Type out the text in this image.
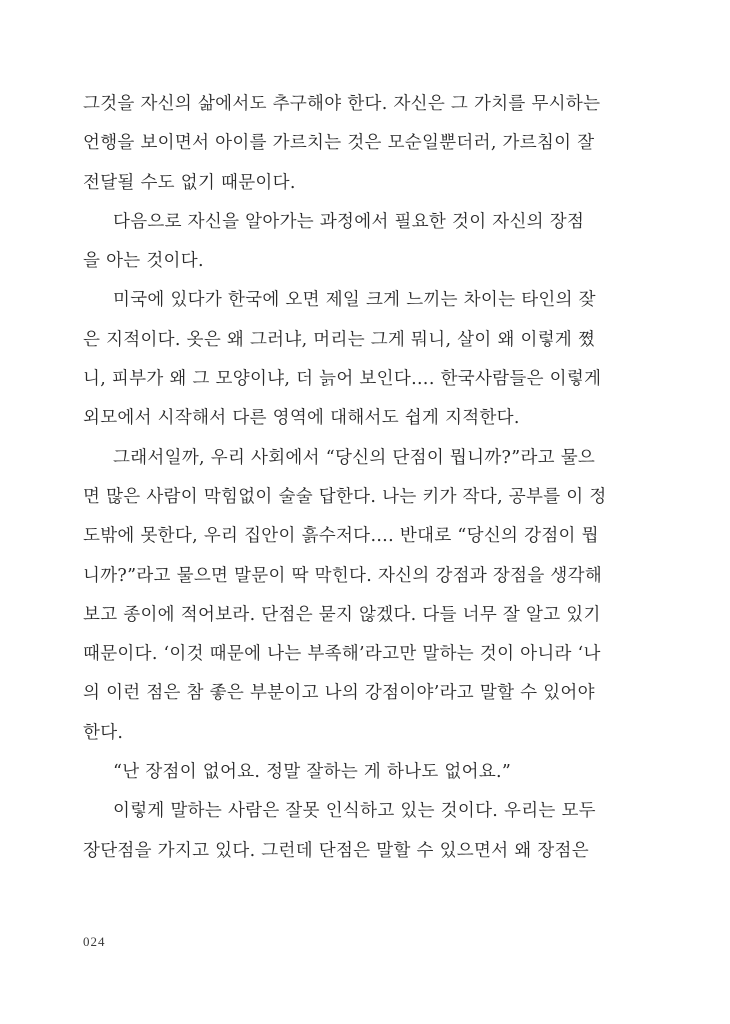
그것을 자신의 삶에서도 추구해야 한다. 자신은 그 가치를 무시하는
언행을 보이면서 아이를 가르치는 것은 모순일뿐더러, 가르침이 잘
전달될 수도 없기 때문이다.
다음으로 자신을 알아가는 과정에서 필요한 것이 자신의 장점
을 아는 것이다.
미국에 있다가 한국에 오면 제일 크게 느끼는 차이는 타인의 잦
은 지적이다. 옷은 왜 그러냐, 머리는 그게 뭐니, 살이 왜 이렇게 쪘
니, 피부가 왜 그 모양이냐, 더 늙어 보인다…. 한국사람들은 이렇게
외모에서 시작해서 다른 영역에 대해서도 쉽게 지적한다.
그래서일까, 우리 사회에서 “당신의 단점이 뭡니까?”라고 물으
면 많은 사람이 막힘없이 술술 답한다. 나는 키가 작다, 공부를 이 정
도밖에 못한다, 우리 집안이 흙수저다…. 반대로 “당신의 강점이 뭡
니까?”라고 물으면 말문이 딱 막힌다. 자신의 강점과 장점을 생각해
보고 종이에 적어보라. 단점은 묻지 않겠다. 다들 너무 잘 알고 있기
때문이다. ‘이것 때문에 나는 부족해’라고만 말하는 것이 아니라 ‘나
의 이런 점은 참 좋은 부분이고 나의 강점이야’라고 말할 수 있어야
한다.
“난 장점이 없어요. 정말 잘하는 게 하나도 없어요.”
이렇게 말하는 사람은 잘못 인식하고 있는 것이다. 우리는 모두
장단점을 가지고 있다. 그런데 단점은 말할 수 있으면서 왜 장점은
024
